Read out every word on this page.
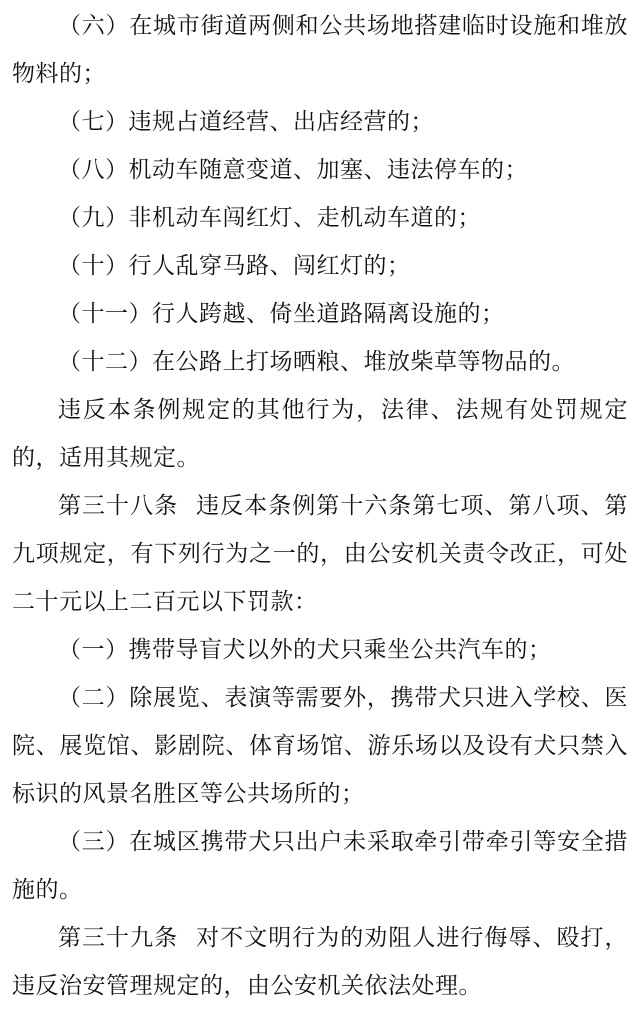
（六）在城市街道两侧和公共场地搭建临时设施和堆放物料的；

（七）违规占道经营、出店经营的；

（八）机动车随意变道、加塞、违法停车的；

（九）非机动车闯红灯、走机动车道的；

（十）行人乱穿马路、闯红灯的；

（十一）行人跨越、倚坐道路隔离设施的；

（十二）在公路上打场晒粮、堆放柴草等物品的。

违反本条例规定的其他行为，法律、法规有处罚规定的，适用其规定。

第三十八条 违反本条例第十六条第七项、第八项、第九项规定，有下列行为之一的，由公安机关责令改正，可处二十元以上二百元以下罚款：

（一）携带导盲犬以外的犬只乘坐公共汽车的；

（二）除展览、表演等需要外，携带犬只进入学校、医院、展览馆、影剧院、体育场馆、游乐场以及设有犬只禁入标识的风景名胜区等公共场所的；

（三）在城区携带犬只出户未采取牵引带牵引等安全措施的。

第三十九条 对不文明行为的劝阻人进行侮辱、殴打，违反治安管理规定的，由公安机关依法处理。
